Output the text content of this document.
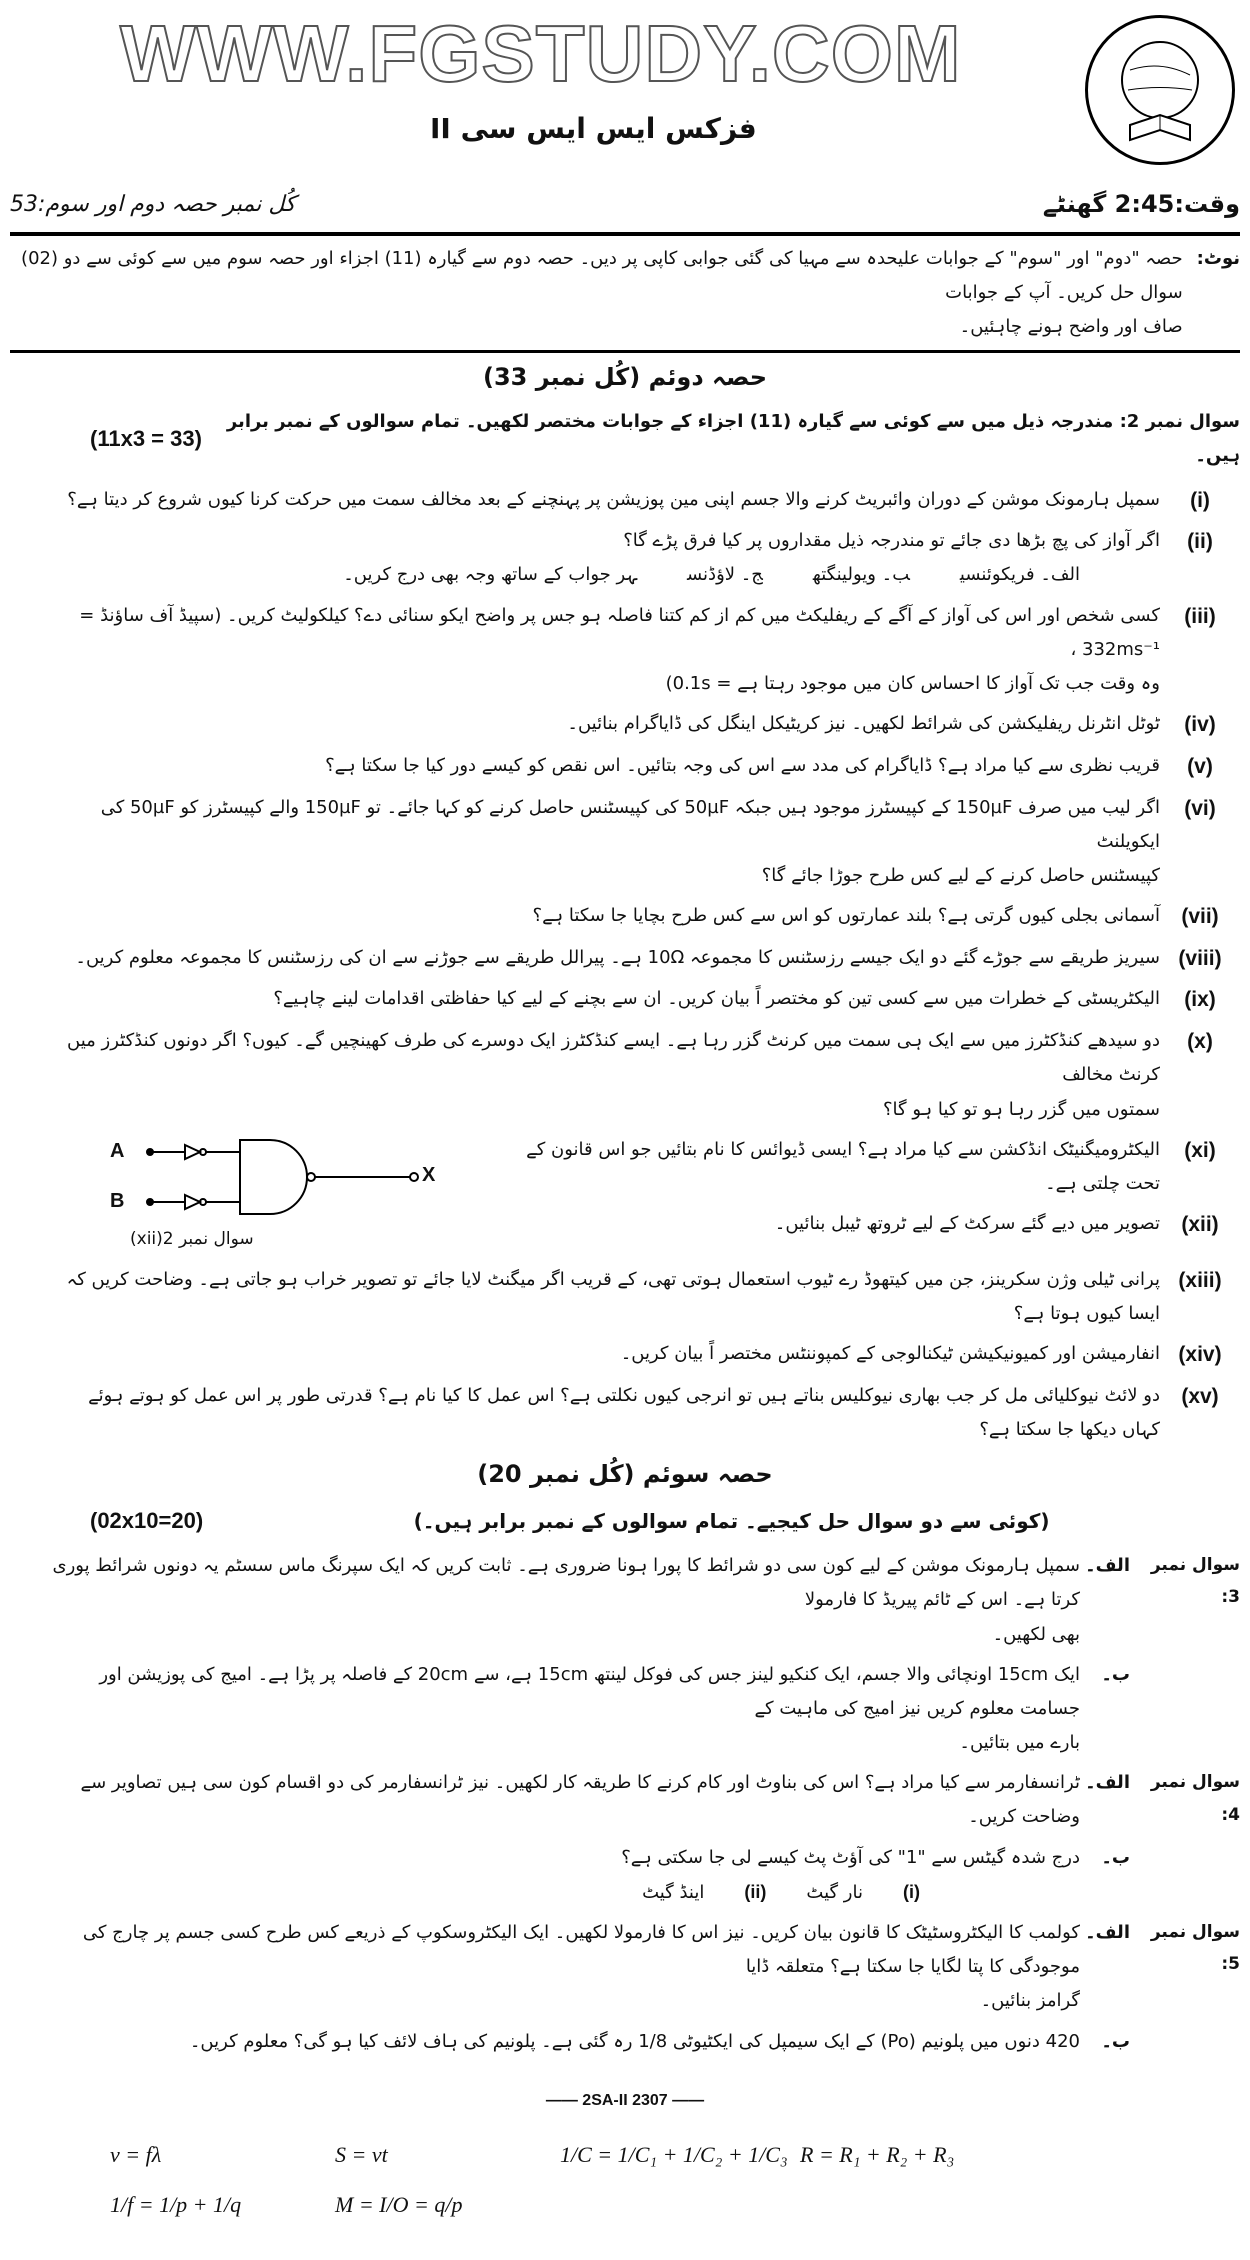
WWW.FGSTUDY.COM
فزکس ایس ایس سی II
کُل نمبر حصہ دوم اور سوم:53	وقت:2:45 گھنٹے
نوٹ:
حصہ "دوم" اور "سوم" کے جوابات علیحدہ سے مہیا کی گئی جوابی کاپی پر دیں۔ حصہ دوم سے گیارہ (11) اجزاء اور حصہ سوم میں سے کوئی سے دو (02) سوال حل کریں۔ آپ کے جوابات
صاف اور واضح ہونے چاہئیں۔
حصہ دوئم (کُل نمبر 33)
(11x3 = 33)
سوال نمبر 2: مندرجہ ذیل میں سے کوئی سے گیارہ (11) اجزاء کے جوابات مختصر لکھیں۔ تمام سوالوں کے نمبر برابر ہیں۔
(i)
سمپل ہارمونک موشن کے دوران وائبریٹ کرنے والا جسم اپنی مین پوزیشن پر پہنچنے کے بعد مخالف سمت میں حرکت کرنا کیوں شروع کر دیتا ہے؟
(ii)
اگر آواز کی پچ بڑھا دی جائے تو مندرجہ ذیل مقداروں پر کیا فرق پڑے گا؟
الف۔ فریکوئنسیب۔ ویولینگتھج۔ لاؤڈنسہر جواب کے ساتھ وجہ بھی درج کریں۔
(iii)
کسی شخص اور اس کی آواز کے آگے کے ریفلیکٹ میں کم از کم کتنا فاصلہ ہو جس پر واضح ایکو سنائی دے؟ کیلکولیٹ کریں۔ (سپیڈ آف ساؤنڈ = 332ms⁻¹ ،
وہ وقت جب تک آواز کا احساس کان میں موجود رہتا ہے = 0.1s)
(iv)
ٹوٹل انٹرنل ریفلیکشن کی شرائط لکھیں۔ نیز کریٹیکل اینگل کی ڈایاگرام بنائیں۔
(v)
قریب نظری سے کیا مراد ہے؟ ڈایاگرام کی مدد سے اس کی وجہ بتائیں۔ اس نقص کو کیسے دور کیا جا سکتا ہے؟
(vi)
اگر لیب میں صرف 150µF کے کپیسٹرز موجود ہیں جبکہ 50µF کی کپیسٹنس حاصل کرنے کو کہا جائے۔ تو 150µF والے کپیسٹرز کو 50µF کی ایکویلنٹ
کپیسٹنس حاصل کرنے کے لیے کس طرح جوڑا جائے گا؟
(vii)
آسمانی بجلی کیوں گرتی ہے؟ بلند عمارتوں کو اس سے کس طرح بچایا جا سکتا ہے؟
(viii)
سیریز طریقے سے جوڑے گئے دو ایک جیسے رزسٹنس کا مجموعہ 10Ω ہے۔ پیرالل طریقے سے جوڑنے سے ان کی رزسٹنس کا مجموعہ معلوم کریں۔
(ix)
الیکٹریسٹی کے خطرات میں سے کسی تین کو مختصر اً بیان کریں۔ ان سے بچنے کے لیے کیا حفاظتی اقدامات لینے چاہیے؟
(x)
دو سیدھے کنڈکٹرز میں سے ایک ہی سمت میں کرنٹ گزر رہا ہے۔ ایسے کنڈکٹرز ایک دوسرے کی طرف کھینچیں گے۔ کیوں؟ اگر دونوں کنڈکٹرز میں کرنٹ مخالف
سمتوں میں گزر رہا ہو تو کیا ہو گا؟
A
B
X
سوال نمبر 2(xii)
(xi)
الیکٹرومیگنیٹک انڈکشن سے کیا مراد ہے؟ ایسی ڈیوائس کا نام بتائیں جو اس قانون کے تحت چلتی ہے۔
(xii)
تصویر میں دیے گئے سرکٹ کے لیے ٹروتھ ٹیبل بنائیں۔
(xiii)
پرانی ٹیلی وژن سکرینز، جن میں کیتھوڈ رے ٹیوب استعمال ہوتی تھی، کے قریب اگر میگنٹ لایا جائے تو تصویر خراب ہو جاتی ہے۔ وضاحت کریں کہ ایسا کیوں ہوتا ہے؟
(xiv)
انفارمیشن اور کمیونیکیشن ٹیکنالوجی کے کمپوننٹس مختصر اً بیان کریں۔
(xv)
دو لائٹ نیوکلیائی مل کر جب بھاری نیوکلیس بناتے ہیں تو انرجی کیوں نکلتی ہے؟ اس عمل کا کیا نام ہے؟ قدرتی طور پر اس عمل کو ہوتے ہوئے کہاں دیکھا جا سکتا ہے؟
حصہ سوئم (کُل نمبر 20)
(02x10=20)	(کوئی سے دو سوال حل کیجیے۔ تمام سوالوں کے نمبر برابر ہیں۔)
سوال نمبر 3:
الف۔
سمپل ہارمونک موشن کے لیے کون سی دو شرائط کا پورا ہونا ضروری ہے۔ ثابت کریں کہ ایک سپرنگ ماس سسٹم یہ دونوں شرائط پوری کرتا ہے۔ اس کے ٹائم پیریڈ کا فارمولا
بھی لکھیں۔
ب۔
ایک 15cm اونچائی والا جسم، ایک کنکیو لینز جس کی فوکل لینتھ 15cm ہے، سے 20cm کے فاصلہ پر پڑا ہے۔ امیج کی پوزیشن اور جسامت معلوم کریں نیز امیج کی ماہیت کے
بارے میں بتائیں۔
سوال نمبر 4:
الف۔
ٹرانسفارمر سے کیا مراد ہے؟ اس کی بناوٹ اور کام کرنے کا طریقہ کار لکھیں۔ نیز ٹرانسفارمر کی دو اقسام کون سی ہیں تصاویر سے وضاحت کریں۔
ب۔
درج شدہ گیٹس سے "1" کی آؤٹ پٹ کیسے لی جا سکتی ہے؟
(i)نار گیٹ(ii)اینڈ گیٹ
سوال نمبر 5:
الف۔
کولمب کا الیکٹروسٹیٹک کا قانون بیان کریں۔ نیز اس کا فارمولا لکھیں۔ ایک الیکٹروسکوپ کے ذریعے کس طرح کسی جسم پر چارج کی موجودگی کا پتا لگایا جا سکتا ہے؟ متعلقہ ڈایا
گرامز بنائیں۔
ب۔
420 دنوں میں پلونیم (Po) کے ایک سیمپل کی ایکٹیوٹی 1/8 رہ گئی ہے۔ پلونیم کی ہاف لائف کیا ہو گی؟ معلوم کریں۔
—— 2SA-II 2307 ——
v = fλ	S = vt	1/C = 1/C₁ + 1/C₂ + 1/C₃ R = R₁ + R₂ + R₃
1/f = 1/p + 1/q	M = I/O = q/p
